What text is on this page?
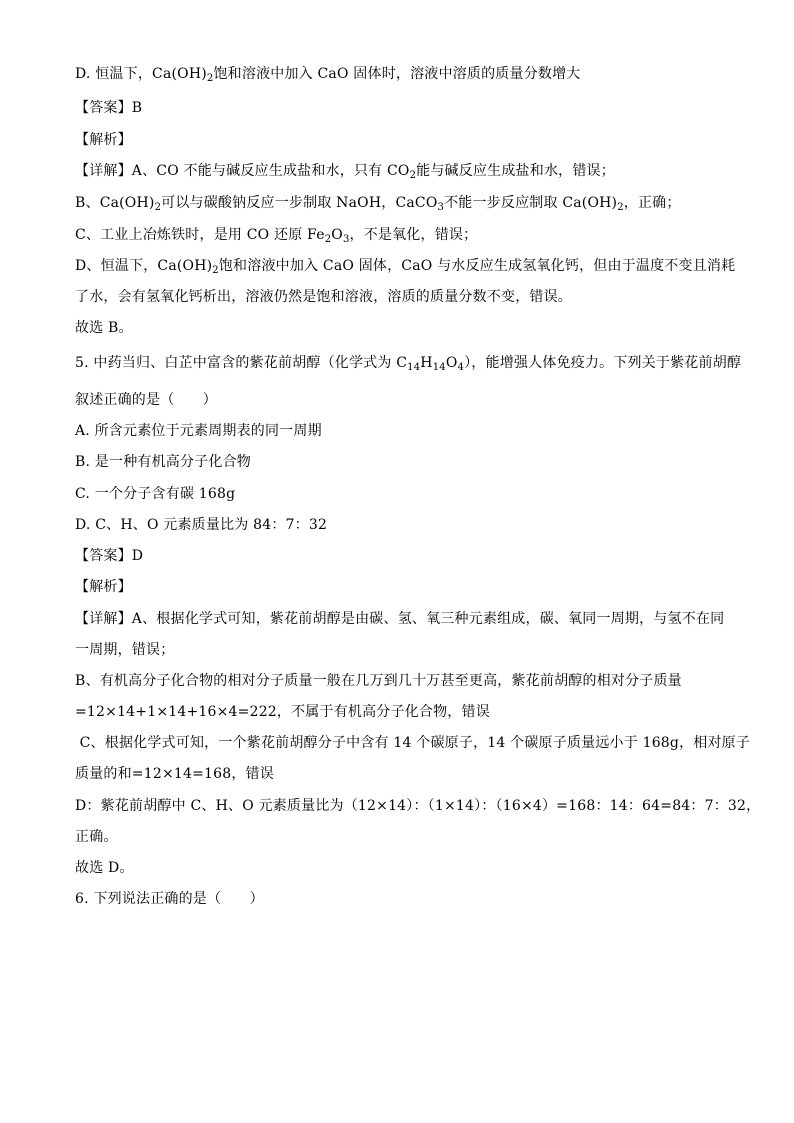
D. 恒温下，$Ca(OH)_2$饱和溶液中加入 CaO 固体时，溶液中溶质的质量分数增大
【答案】B
【解析】
【详解】A、CO 不能与碱反应生成盐和水，只有 $CO_2$能与碱反应生成盐和水，错误；
B、$Ca(OH)_2$可以与碳酸钠反应一步制取 NaOH，CaCO$_3$不能一步反应制取 $Ca(OH)_2$，正确；
C、工业上冶炼铁时，是用 CO 还原 $Fe_2O_3$，不是氧化，错误；
D、恒温下，$Ca(OH)_2$饱和溶液中加入 CaO 固体，CaO 与水反应生成氢氧化钙，但由于温度不变且消耗
了水，会有氢氧化钙析出，溶液仍然是饱和溶液，溶质的质量分数不变，错误。
故选 B。
5. 中药当归、白芷中富含的紫花前胡醇（化学式为 $C_{14}H_{14}O_4$），能增强人体免疫力。下列关于紫花前胡醇
叙述正确的是（　　）
A. 所含元素位于元素周期表的同一周期
B. 是一种有机高分子化合物
C. 一个分子含有碳 168g
D. C、H、O 元素质量比为 84：7：32
【答案】D
【解析】
【详解】A、根据化学式可知，紫花前胡醇是由碳、氢、氧三种元素组成，碳、氧同一周期，与氢不在同
一周期，错误；
B、有机高分子化合物的相对分子质量一般在几万到几十万甚至更高，紫花前胡醇的相对分子质量
=12×14+1×14+16×4=222，不属于有机高分子化合物，错误
C、根据化学式可知，一个紫花前胡醇分子中含有 14 个碳原子，14 个碳原子质量远小于 168g，相对原子
质量的和=12×14=168，错误
D：紫花前胡醇中 C、H、O 元素质量比为（12×14）：（1×14）：（16×4）=168：14：64=84：7：32，
正确。
故选 D。
6. 下列说法正确的是（　　）
